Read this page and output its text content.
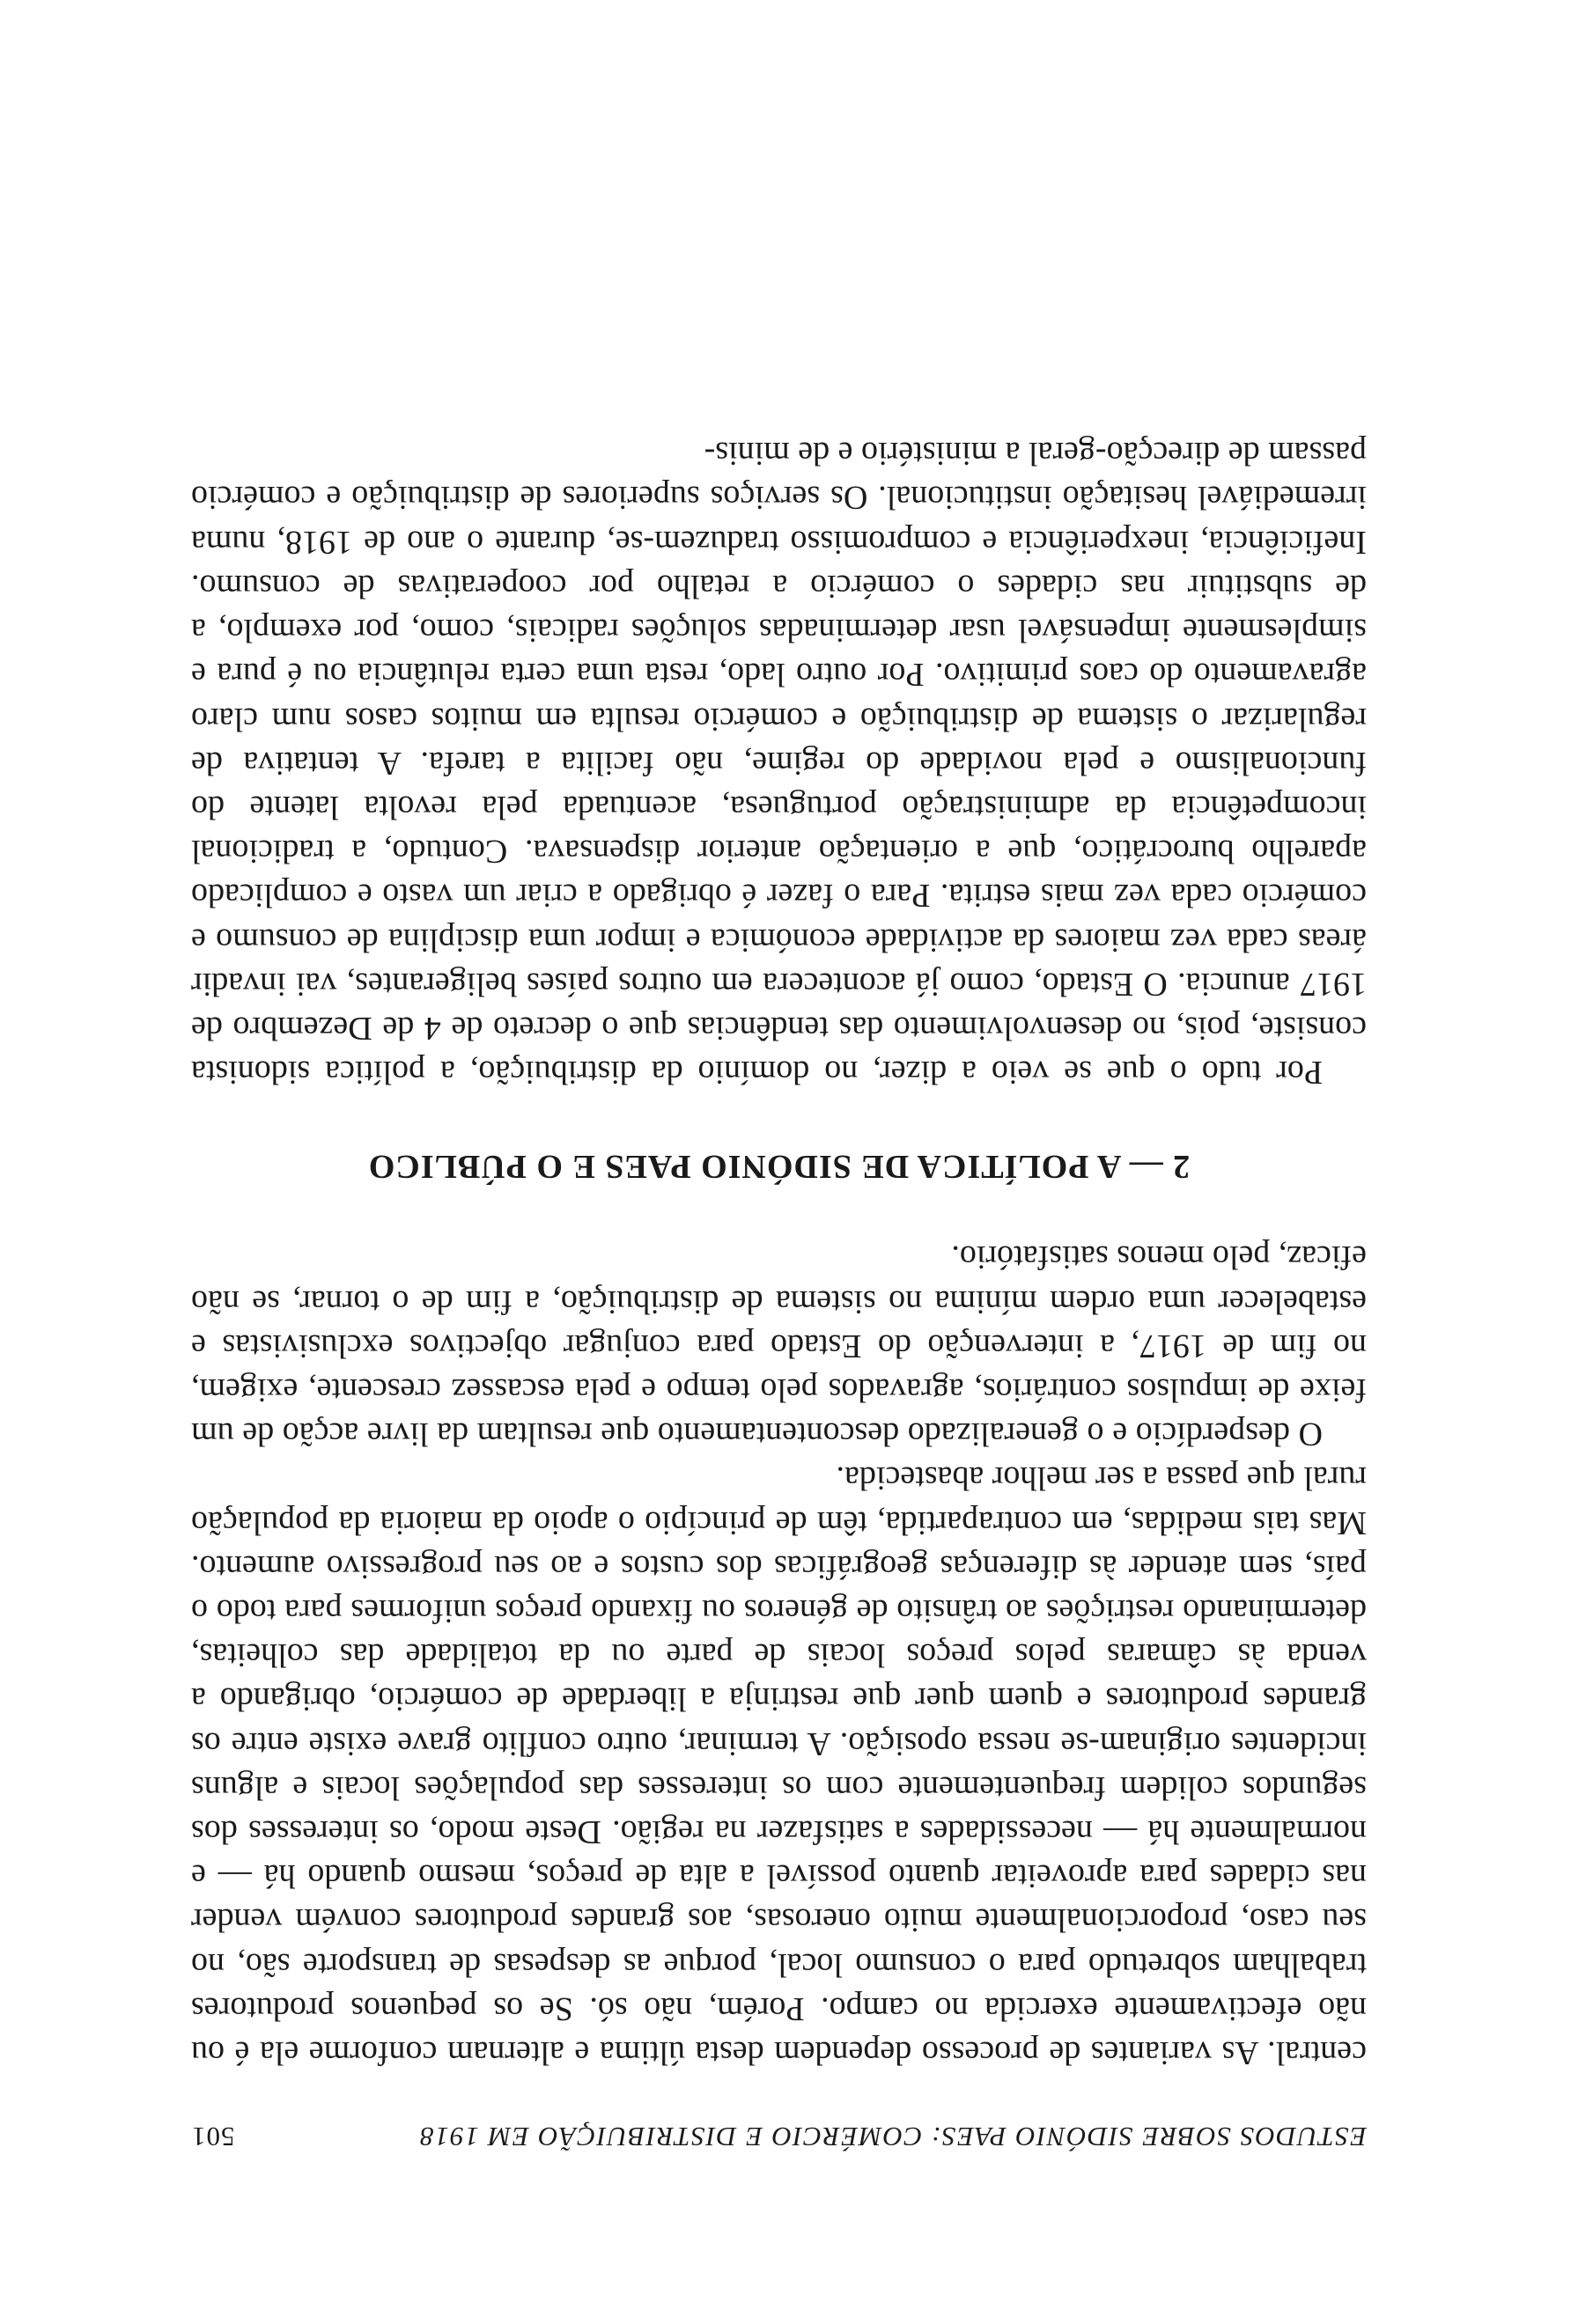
ESTUDOS SOBRE SIDÓNIO PAES: COMÉRCIO E DISTRIBUIÇÃO EM 1918
501

central. As variantes de processo dependem desta última e alternam conforme ela é ou não efectivamente exercida no campo. Porém, não só. Se os pequenos produtores trabalham sobretudo para o consumo local, porque as despesas de transporte são, no seu caso, proporcionalmente muito onerosas, aos grandes produtores convém vender nas cidades para aproveitar quanto possível a alta de preços, mesmo quando há — e normalmente há — necessidades a satisfazer na região. Deste modo, os interesses dos segundos colidem frequentemente com os interesses das populações locais e alguns incidentes originam-se nessa oposição. A terminar, outro conflito grave existe entre os grandes produtores e quem quer que restrinja a liberdade de comércio, obrigando a venda às câmaras pelos preços locais de parte ou da totalidade das colheitas, determinando restrições ao trânsito de géneros ou fixando preços uniformes para todo o país, sem atender às diferenças geográficas dos custos e ao seu progressivo aumento. Mas tais medidas, em contrapartida, têm de princípio o apoio da maioria da população rural que passa a ser melhor abastecida.

O desperdício e o generalizado descontentamento que resultam da livre acção de um feixe de impulsos contrários, agravados pelo tempo e pela escassez crescente, exigem, no fim de 1917, a intervenção do Estado para conjugar objectivos exclusivistas e estabelecer uma ordem mínima no sistema de distribuição, a fim de o tornar, se não eficaz, pelo menos satisfatório.

2 — A POLÍTICA DE SIDÓNIO PAES E O PÚBLICO

Por tudo o que se veio a dizer, no domínio da distribuição, a política sidonista consiste, pois, no desenvolvimento das tendências que o decreto de 4 de Dezembro de 1917 anuncia. O Estado, como já acontecera em outros países beligerantes, vai invadir áreas cada vez maiores da actividade económica e impor uma disciplina de consumo e comércio cada vez mais estrita. Para o fazer é obrigado a criar um vasto e complicado aparelho burocrático, que a orientação anterior dispensava. Contudo, a tradicional incompetência da administração portuguesa, acentuada pela revolta latente do funcionalismo e pela novidade do regime, não facilita a tarefa. A tentativa de regularizar o sistema de distribuição e comércio resulta em muitos casos num claro agravamento do caos primitivo. Por outro lado, resta uma certa relutância ou é pura e simplesmente impensável usar determinadas soluções radicais, como, por exemplo, a de substituir nas cidades o comércio a retalho por cooperativas de consumo. Ineficiência, inexperiência e compromisso traduzem-se, durante o ano de 1918, numa irremediável hesitação institucional. Os serviços superiores de distribuição e comércio passam de direcção-geral a ministério e de minis-
